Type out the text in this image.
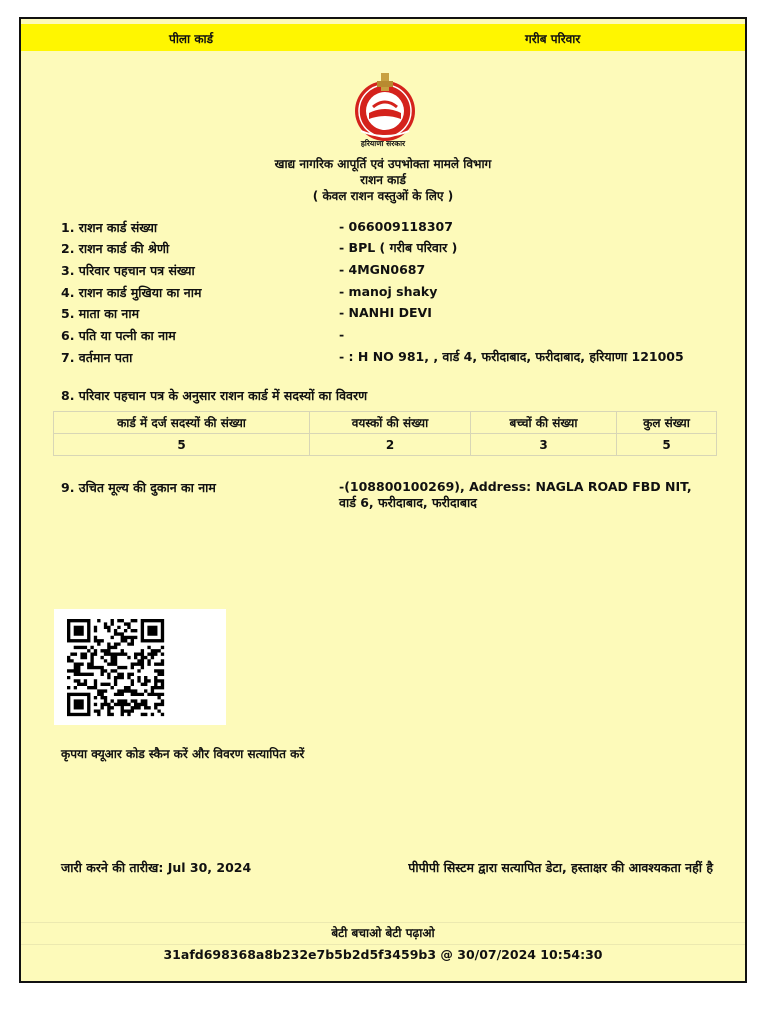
पीला कार्ड	गरीब परिवार
हरियाणा सरकार
खाद्य नागरिक आपूर्ति एवं उपभोक्ता मामले विभाग
राशन कार्ड
( केवल राशन वस्तुओं के लिए )
1. राशन कार्ड संख्या	- 066009118307
2. राशन कार्ड की श्रेणी	- BPL ( गरीब परिवार )
3. परिवार पहचान पत्र संख्या	- 4MGN0687
4. राशन कार्ड मुखिया का नाम	- manoj shaky
5. माता का नाम	- NANHI DEVI
6. पति या पत्नी का नाम	-
7. वर्तमान पता	- : H NO 981, , वार्ड 4, फरीदाबाद, फरीदाबाद, हरियाणा 121005
8. परिवार पहचान पत्र के अनुसार राशन कार्ड में सदस्यों का विवरण
कार्ड में दर्ज सदस्यों की संख्या	वयस्कों की संख्या	बच्चों की संख्या	कुल संख्या
5	2	3	5
9. उचित मूल्य की दुकान का नाम	-(108800100269), Address: NAGLA ROAD FBD NIT, वार्ड 6, फरीदाबाद, फरीदाबाद
कृपया क्यूआर कोड स्कैन करें और विवरण सत्यापित करें
जारी करने की तारीख: Jul 30, 2024	पीपीपी सिस्टम द्वारा सत्यापित डेटा, हस्ताक्षर की आवश्यकता नहीं है
बेटी बचाओ बेटी पढ़ाओ
31afd698368a8b232e7b5b2d5f3459b3 @ 30/07/2024 10:54:30
